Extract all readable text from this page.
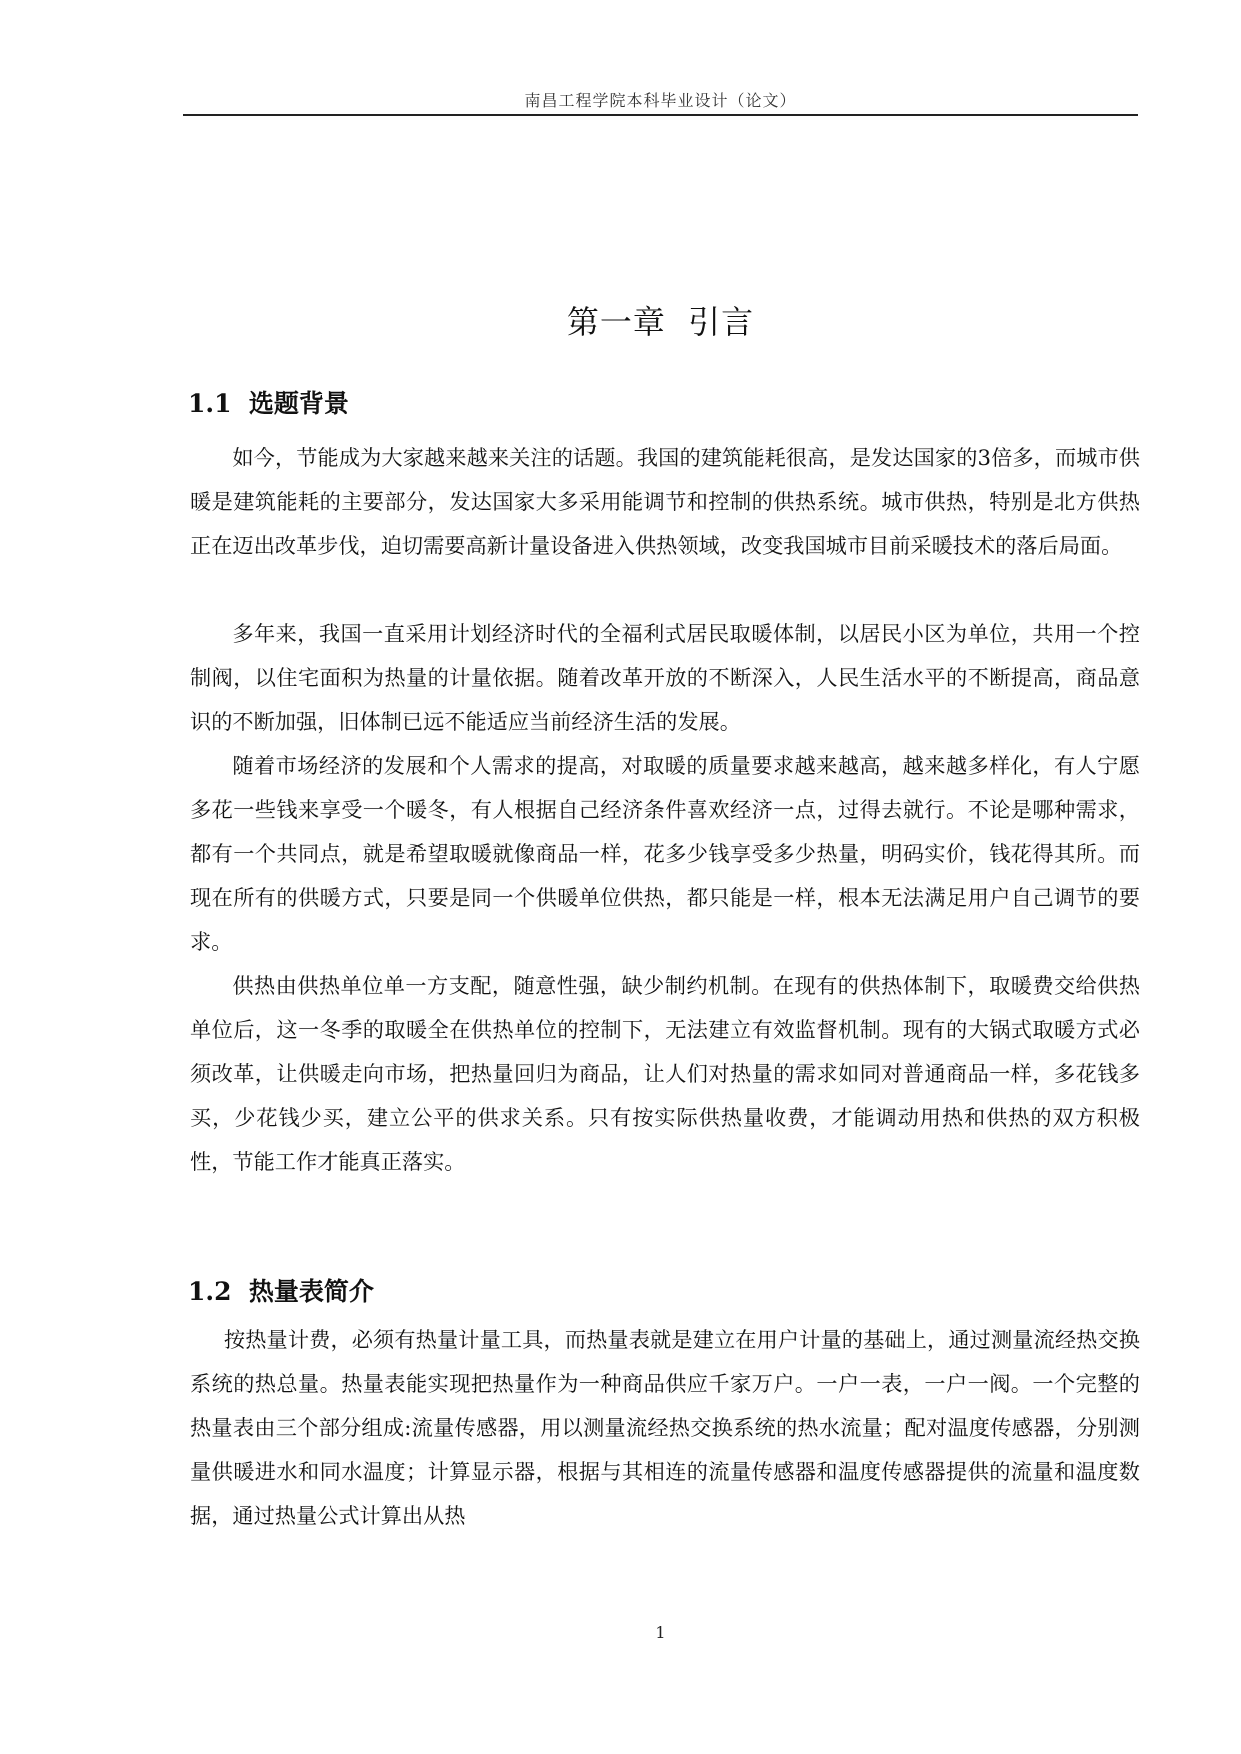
南昌工程学院本科毕业设计（论文）
第一章  引言
1.1  选题背景

如今，节能成为大家越来越来关注的话题。我国的建筑能耗很高，是发达国家的3倍多，而城市供暖是建筑能耗的主要部分，发达国家大多采用能调节和控制的供热系统。城市供热，特别是北方供热正在迈出改革步伐，迫切需要高新计量设备进入供热领域，改变我国城市目前采暖技术的落后局面。

多年来，我国一直采用计划经济时代的全福利式居民取暖体制，以居民小区为单位，共用一个控制阀，以住宅面积为热量的计量依据。随着改革开放的不断深入，人民生活水平的不断提高，商品意识的不断加强，旧体制已远不能适应当前经济生活的发展。

随着市场经济的发展和个人需求的提高，对取暖的质量要求越来越高，越来越多样化，有人宁愿多花一些钱来享受一个暖冬，有人根据自己经济条件喜欢经济一点，过得去就行。不论是哪种需求，都有一个共同点，就是希望取暖就像商品一样，花多少钱享受多少热量，明码实价，钱花得其所。而现在所有的供暖方式，只要是同一个供暖单位供热，都只能是一样，根本无法满足用户自己调节的要求。

供热由供热单位单一方支配，随意性强，缺少制约机制。在现有的供热体制下，取暖费交给供热单位后，这一冬季的取暖全在供热单位的控制下，无法建立有效监督机制。现有的大锅式取暖方式必须改革，让供暖走向市场，把热量回归为商品，让人们对热量的需求如同对普通商品一样，多花钱多买，少花钱少买，建立公平的供求关系。只有按实际供热量收费，才能调动用热和供热的双方积极性，节能工作才能真正落实。

1.2  热量表简介

按热量计费，必须有热量计量工具，而热量表就是建立在用户计量的基础上，通过测量流经热交换系统的热总量。热量表能实现把热量作为一种商品供应千家万户。一户一表，一户一阀。一个完整的热量表由三个部分组成:流量传感器，用以测量流经热交换系统的热水流量；配对温度传感器，分别测量供暖进水和同水温度；计算显示器，根据与其相连的流量传感器和温度传感器提供的流量和温度数据，通过热量公式计算出从热

1
